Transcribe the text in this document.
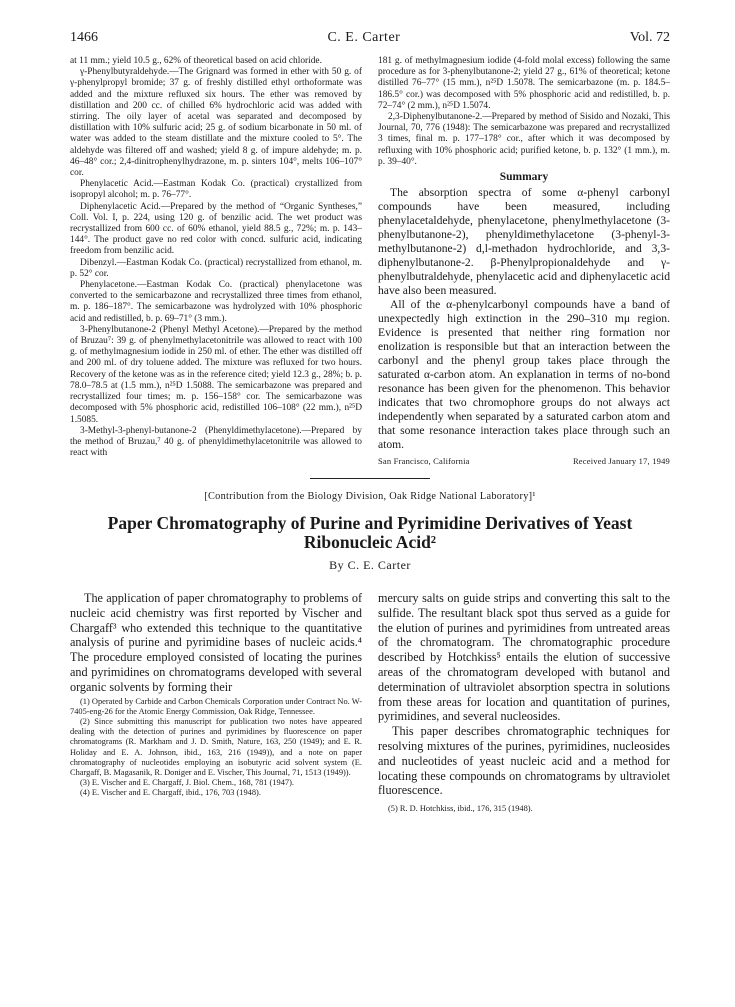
1466	C. E. Carter	Vol. 72

at 11 mm.; yield 10.5 g., 62% of theoretical based on acid chloride.

γ-Phenylbutyraldehyde.—The Grignard was formed in ether with 50 g. of γ-phenylpropyl bromide; 37 g. of freshly distilled ethyl orthoformate was added and the mixture refluxed six hours. The ether was removed by distillation and 200 cc. of chilled 6% hydrochloric acid was added with stirring. The oily layer of acetal was separated and decomposed by distillation with 10% sulfuric acid; 25 g. of sodium bicarbonate in 50 ml. of water was added to the steam distillate and the mixture cooled to 5°. The aldehyde was filtered off and washed; yield 8 g. of impure aldehyde; m. p. 46–48° cor.; 2,4-dinitrophenylhydrazone, m. p. sinters 104°, melts 106–107° cor.

Phenylacetic Acid.—Eastman Kodak Co. (practical) crystallized from isopropyl alcohol; m. p. 76–77°.

Diphenylacetic Acid.—Prepared by the method of “Organic Syntheses,” Coll. Vol. I, p. 224, using 120 g. of benzilic acid. The wet product was recrystallized from 600 cc. of 60% ethanol, yield 88.5 g., 72%; m. p. 143–144°. The product gave no red color with concd. sulfuric acid, indicating freedom from benzilic acid.

Dibenzyl.—Eastman Kodak Co. (practical) recrystallized from ethanol, m. p. 52° cor.

Phenylacetone.—Eastman Kodak Co. (practical) phenylacetone was converted to the semicarbazone and recrystallized three times from ethanol, m. p. 186–187°. The semicarbazone was hydrolyzed with 10% phosphoric acid and redistilled, b. p. 69–71° (3 mm.).

3-Phenylbutanone-2 (Phenyl Methyl Acetone).—Prepared by the method of Bruzau⁷: 39 g. of phenylmethylacetonitrile was allowed to react with 100 g. of methylmagnesium iodide in 250 ml. of ether. The ether was distilled off and 200 ml. of dry toluene added. The mixture was refluxed for two hours. Recovery of the ketone was as in the reference cited; yield 12.3 g., 28%; b. p. 78.0–78.5 at (1.5 mm.), n²⁵D 1.5088. The semicarbazone was prepared and recrystallized four times; m. p. 156–158° cor. The semicarbazone was decomposed with 5% phosphoric acid, redistilled 106–108° (22 mm.), n²⁵D 1.5085.

3-Methyl-3-phenyl-butanone-2 (Phenyldimethylacetone).—Prepared by the method of Bruzau,⁷ 40 g. of phenyldimethylacetonitrile was allowed to react with

181 g. of methylmagnesium iodide (4-fold molal excess) following the same procedure as for 3-phenylbutanone-2; yield 27 g., 61% of theoretical; ketone distilled 76–77° (15 mm.), n²⁵D 1.5078. The semicarbazone (m. p. 184.5–186.5° cor.) was decomposed with 5% phosphoric acid and redistilled, b. p. 72–74° (2 mm.), n²⁵D 1.5074.

2,3-Diphenylbutanone-2.—Prepared by method of Sisido and Nozaki, This Journal, 70, 776 (1948): The semicarbazone was prepared and recrystallized 3 times, final m. p. 177–178° cor., after which it was decomposed by refluxing with 10% phosphoric acid; purified ketone, b. p. 132° (1 mm.), m. p. 39–40°.

Summary

The absorption spectra of some α-phenyl carbonyl compounds have been measured, including phenylacetaldehyde, phenylacetone, phenylmethylacetone (3-phenylbutanone-2), phenyldimethylacetone (3-phenyl-3-methylbutanone-2) d,l-methadon hydrochloride, and 3,3-diphenylbutanone-2. β-Phenylpropionaldehyde and γ-phenylbutraldehyde, phenylacetic acid and diphenylacetic acid have also been measured.

All of the α-phenylcarbonyl compounds have a band of unexpectedly high extinction in the 290–310 mμ region. Evidence is presented that neither ring formation nor enolization is responsible but that an interaction between the carbonyl and the phenyl group takes place through the saturated α-carbon atom. An explanation in terms of no-bond resonance has been given for the phenomenon. This behavior indicates that two chromophore groups do not always act independently when separated by a saturated carbon atom and that some resonance interaction takes place through such an atom.

San Francisco, California	Received January 17, 1949
[Contribution from the Biology Division, Oak Ridge National Laboratory]¹
Paper Chromatography of Purine and Pyrimidine Derivatives of Yeast Ribonucleic Acid²
By C. E. Carter

The application of paper chromatography to problems of nucleic acid chemistry was first reported by Vischer and Chargaff³ who extended this technique to the quantitative analysis of purine and pyrimidine bases of nucleic acids.⁴ The procedure employed consisted of locating the purines and pyrimidines on chromatograms developed with several organic solvents by forming their

(1) Operated by Carbide and Carbon Chemicals Corporation under Contract No. W-7405-eng-26 for the Atomic Energy Commission, Oak Ridge, Tennessee.

(2) Since submitting this manuscript for publication two notes have appeared dealing with the detection of purines and pyrimidines by fluorescence on paper chromatograms (R. Markham and J. D. Smith, Nature, 163, 250 (1949); and E. R. Holiday and E. A. Johnson, ibid., 163, 216 (1949)), and a note on paper chromatography of nucleotides employing an isobutyric acid solvent system (E. Chargaff, B. Magasanik, R. Doniger and E. Vischer, This Journal, 71, 1513 (1949)).

(3) E. Vischer and E. Chargaff, J. Biol. Chem., 168, 781 (1947).

(4) E. Vischer and E. Chargaff, ibid., 176, 703 (1948).

mercury salts on guide strips and converting this salt to the sulfide. The resultant black spot thus served as a guide for the elution of purines and pyrimidines from untreated areas of the chromatogram. The chromatographic procedure described by Hotchkiss⁵ entails the elution of successive areas of the chromatogram developed with butanol and determination of ultraviolet absorption spectra in solutions from these areas for location and quantitation of purines, pyrimidines, and several nucleosides.

This paper describes chromatographic techniques for resolving mixtures of the purines, pyrimidines, nucleosides and nucleotides of yeast nucleic acid and a method for locating these compounds on chromatograms by ultraviolet fluorescence.

(5) R. D. Hotchkiss, ibid., 176, 315 (1948).
